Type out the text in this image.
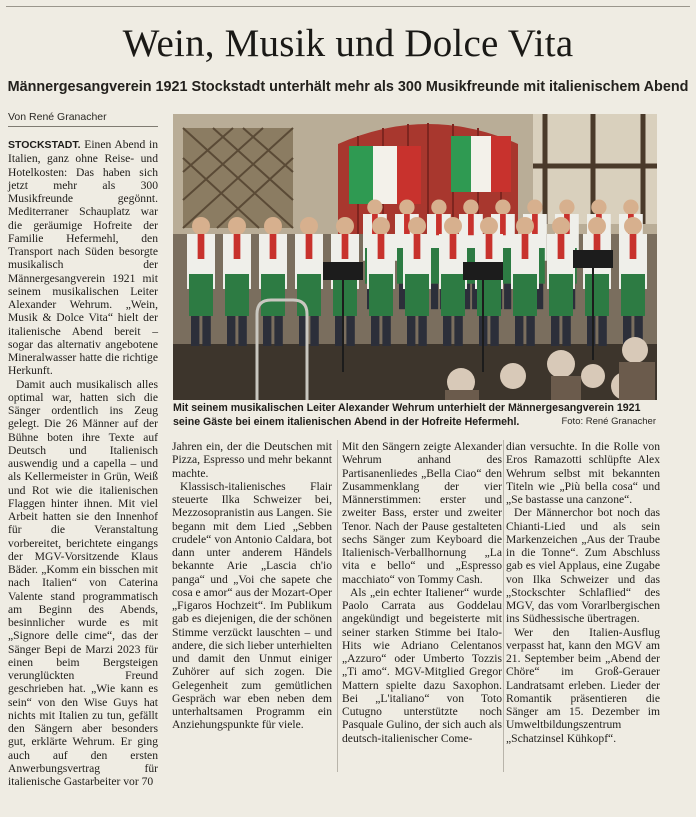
Wein, Musik und Dolce Vita
Männergesangverein 1921 Stockstadt unterhält mehr als 300 Musikfreunde mit italienischem Abend
Von René Granacher

STOCKSTADT. Einen Abend in Italien, ganz ohne Reise- und Hotelkosten: Das haben sich jetzt mehr als 300 Musikfreunde gegönnt. Mediterraner Schauplatz war die geräumige Hofreite der Familie Hefermehl, den Transport nach Süden besorgte musikalisch der Männergesangverein 1921 mit seinem musikalischen Leiter Alexander Wehrum. „Wein, Musik & Dolce Vita“ hielt der italienische Abend bereit – sogar das alternativ angebotene Mineralwasser hatte die richtige Herkunft.

Damit auch musikalisch alles optimal war, hatten sich die Sänger ordentlich ins Zeug gelegt. Die 26 Männer auf der Bühne boten ihre Texte auf Deutsch und Italienisch auswendig und a capella – und als Kellermeister in Grün, Weiß und Rot wie die italienischen Flaggen hinter ihnen. Mit viel Arbeit hatten sie den Innenhof für die Veranstaltung vorbereitet, berichtete eingangs der MGV-Vorsitzende Klaus Bäder. „Komm ein bisschen mit nach Italien“ von Caterina Valente stand programmatisch am Beginn des Abends, besinnlicher wurde es mit „Signore delle cime“, das der Sänger Bepi de Marzi 2023 für einen beim Bergsteigen verunglückten Freund geschrieben hat. „Wie kann es sein“ von den Wise Guys hat nichts mit Italien zu tun, gefällt den Sängern aber besonders gut, erklärte Wehrum. Er ging auch auf den ersten Anwerbungsvertrag für italienische Gastarbeiter vor 70

Mit seinem musikalischen Leiter Alexander Wehrum unterhielt der Männergesangverein 1921 seine Gäste bei einem italienischen Abend in der Hofreite Hefermehl.	Foto: René Granacher

Jahren ein, der die Deutschen mit Pizza, Espresso und mehr bekannt machte.

Klassisch-italienisches Flair steuerte Ilka Schweizer bei, Mezzosopranistin aus Langen. Sie begann mit dem Lied „Sebben crudele“ von Antonio Caldara, bot dann unter anderem Händels bekannte Arie „Lascia ch'io panga“ und „Voi che sapete che cosa e amor“ aus der Mozart-Oper „Figaros Hochzeit“. Im Publikum gab es diejenigen, die der schönen Stimme verzückt lauschten – und andere, die sich lieber unterhielten und damit den Unmut einiger Zuhörer auf sich zogen. Die Gelegenheit zum gemütlichen Gespräch war eben neben dem unterhaltsamen Programm ein Anziehungspunkte für viele.

Mit den Sängern zeigte Alexander Wehrum anhand des Partisanenliedes „Bella Ciao“ den Zusammenklang der vier Männerstimmen: erster und zweiter Bass, erster und zweiter Tenor. Nach der Pause gestalteten sechs Sänger zum Keyboard die Italienisch-Verballhornung „La vita e bello“ und „Espresso macchiato“ von Tommy Cash.

Als „ein echter Italiener“ wurde Paolo Carrata aus Goddelau angekündigt und begeisterte mit seiner starken Stimme bei Italo-Hits wie Adriano Celentanos „Azzuro“ oder Umberto Tozzis „Ti amo“. MGV-Mitglied Gregor Mattern spielte dazu Saxophon. Bei „L'italiano“ von Toto Cutugno unterstützte noch Pasquale Gulino, der sich auch als deutsch-italienischer Come-

dian versuchte. In die Rolle von Eros Ramazotti schlüpfte Alex Wehrum selbst mit bekannten Titeln wie „Più bella cosa“ und „Se bastasse una canzone“.

Der Männerchor bot noch das Chianti-Lied und als sein Markenzeichen „Aus der Traube in die Tonne“. Zum Abschluss gab es viel Applaus, eine Zugabe von Ilka Schweizer und das „Stockschter Schlaflied“ des MGV, das vom Vorarlbergischen ins Südhessische übertragen.

Wer den Italien-Ausflug verpasst hat, kann den MGV am 21. September beim „Abend der Chöre“ im Groß-Gerauer Landratsamt erleben. Lieder der Romantik präsentieren die Sänger am 15. Dezember im Umweltbildungszentrum „Schatzinsel Kühkopf“.
